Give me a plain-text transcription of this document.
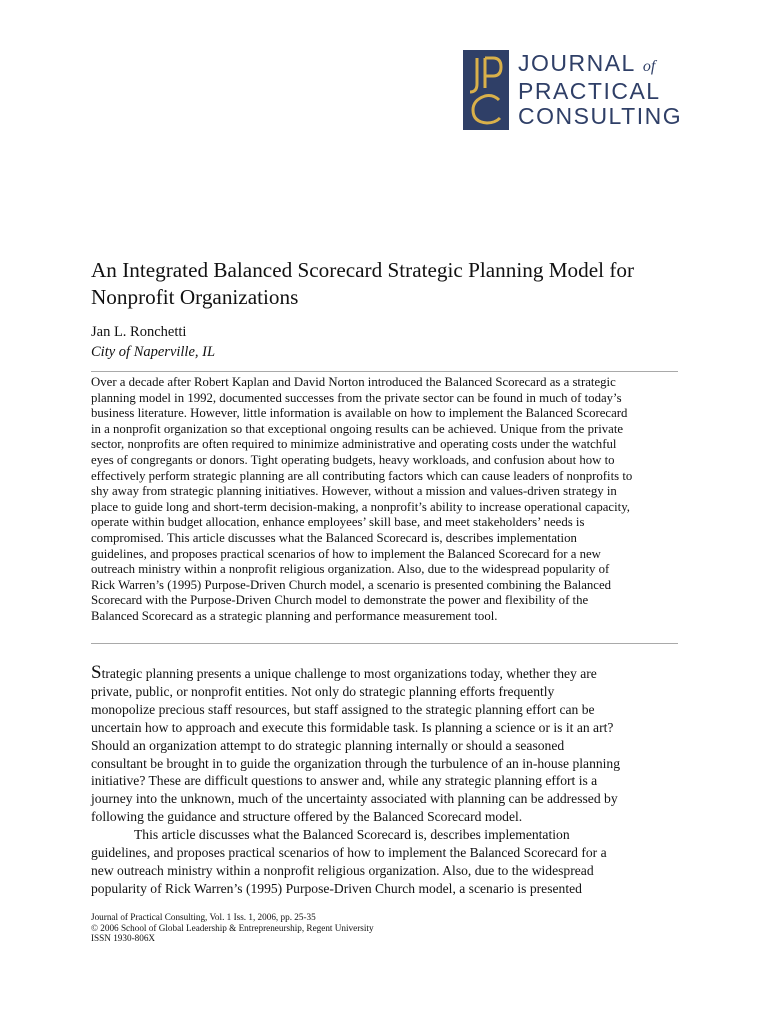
JOURNAL of
PRACTICAL
CONSULTING
An Integrated Balanced Scorecard Strategic Planning Model for Nonprofit Organizations
Jan L. Ronchetti
City of Naperville, IL

Over a decade after Robert Kaplan and David Norton introduced the Balanced Scorecard as a strategic
planning model in 1992, documented successes from the private sector can be found in much of today’s
business literature. However, little information is available on how to implement the Balanced Scorecard
in a nonprofit organization so that exceptional ongoing results can be achieved. Unique from the private
sector, nonprofits are often required to minimize administrative and operating costs under the watchful
eyes of congregants or donors. Tight operating budgets, heavy workloads, and confusion about how to
effectively perform strategic planning are all contributing factors which can cause leaders of nonprofits to
shy away from strategic planning initiatives. However, without a mission and values-driven strategy in
place to guide long and short-term decision-making, a nonprofit’s ability to increase operational capacity,
operate within budget allocation, enhance employees’ skill base, and meet stakeholders’ needs is
compromised. This article discusses what the Balanced Scorecard is, describes implementation
guidelines, and proposes practical scenarios of how to implement the Balanced Scorecard for a new
outreach ministry within a nonprofit religious organization. Also, due to the widespread popularity of
Rick Warren’s (1995) Purpose-Driven Church model, a scenario is presented combining the Balanced
Scorecard with the Purpose-Driven Church model to demonstrate the power and flexibility of the
Balanced Scorecard as a strategic planning and performance measurement tool.

Strategic planning presents a unique challenge to most organizations today, whether they are
private, public, or nonprofit entities. Not only do strategic planning efforts frequently
monopolize precious staff resources, but staff assigned to the strategic planning effort can be
uncertain how to approach and execute this formidable task. Is planning a science or is it an art?
Should an organization attempt to do strategic planning internally or should a seasoned
consultant be brought in to guide the organization through the turbulence of an in-house planning
initiative? These are difficult questions to answer and, while any strategic planning effort is a
journey into the unknown, much of the uncertainty associated with planning can be addressed by
following the guidance and structure offered by the Balanced Scorecard model.
This article discusses what the Balanced Scorecard is, describes implementation
guidelines, and proposes practical scenarios of how to implement the Balanced Scorecard for a
new outreach ministry within a nonprofit religious organization. Also, due to the widespread
popularity of Rick Warren’s (1995) Purpose-Driven Church model, a scenario is presented

Journal of Practical Consulting, Vol. 1 Iss. 1, 2006, pp. 25-35
© 2006 School of Global Leadership & Entrepreneurship, Regent University
ISSN 1930-806X
